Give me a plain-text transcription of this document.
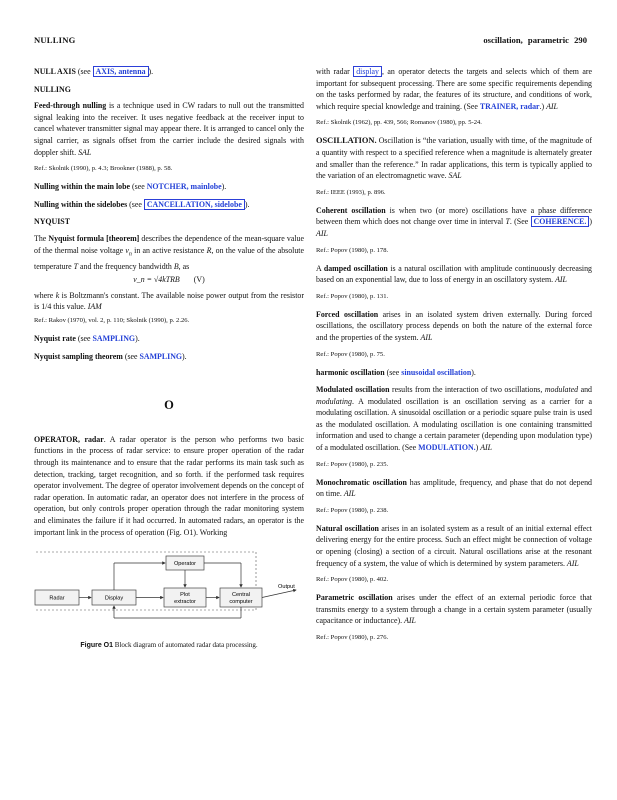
NULLING	oscillation, parametric 290

NULL AXIS (see AXIS, antenna ).

NULLING

Feed-through nulling is a technique used in CW radars to null out the transmitted signal leaking into the receiver. It uses negative feedback at the receiver input to cancel whatever transmitter signal may appear there. It is arranged to cancel only the signal carrier, as signals offset from the carrier include the desired signals with doppler shift. SAL

Ref.: Skolnik (1990), p. 4.3; Brookner (1988), p. 58.

Nulling within the main lobe (see NOTCHER, mainlobe).

Nulling within the sidelobes (see CANCELLATION, sidelobe ).

NYQUIST

The Nyquist formula [theorem] describes the dependence of the mean-square value of the thermal noise voltage $v_n$ in an active resistance R, on the value of the absolute temperature T and the frequency bandwidth B, as

v_n = √4kTRB (V)

where k is Boltzmann's constant. The available noise power output from the resistor is 1/4 this value. IAM

Ref.: Rakov (1970), vol. 2, p. 110; Skolnik (1990), p. 2.26.

Nyquist rate (see SAMPLING).

Nyquist sampling theorem (see SAMPLING).

O

OPERATOR, radar. A radar operator is the person who performs two basic functions in the process of radar service: to ensure proper operation of the radar through its maintenance and to ensure that the radar performs its main task such as detection, tracking, target recognition, and so forth. if the performed task requires operator involvement. The degree of operator involvement depends on the concept of radar operation. In automatic radar, an operator does not interfere in the process of operation, but only controls proper operation through the radar monitoring system and eliminates the failure if it had occurred. In automated radars, an operator is the important link in the process of operation (Fig. O1). Working

Operator
Radar	Display
Plot
extractor
Central
computer
Output
Figure O1 Block diagram of automated radar data processing.

with radar display , an operator detects the targets and selects which of them are important for subsequent processing. There are some specific requirements depending on the tasks performed by radar, the features of its structure, and conditions of work, which require special knowledge and training. (See TRAINER, radar.) AIL

Ref.: Skolnik (1962), pp. 439, 566; Romanov (1980), pp. 5-24.

OSCILLATION. Oscillation is “the variation, usually with time, of the magnitude of a quantity with respect to a specified reference when a magnitude is alternately greater and smaller than the reference.” In radar applications, this term is typically applied to the variation of an electromagnetic wave. SAL

Ref.: IEEE (1993), p. 896.

Coherent oscillation is when two (or more) oscillations have a phase difference between them which does not change over time in interval T. (See COHERENCE. ) AIL

Ref.: Popov (1980), p. 178.

A damped oscillation is a natural oscillation with amplitude continuously decreasing based on an exponential law, due to loss of energy in an oscillatory system. AIL

Ref.: Popov (1980), p. 131.

Forced oscillation arises in an isolated system driven externally. During forced oscillations, the oscillatory process depends on both the nature of the external force and the properties of the system. AIL

Ref.: Popov (1980), p. 75.

harmonic oscillation (see sinusoidal oscillation).

Modulated oscillation results from the interaction of two oscillations, modulated and modulating. A modulated oscillation is an oscillation serving as a carrier for a modulating oscillation. A sinusoidal oscillation or a periodic square pulse train is used as the modulated oscillation. A modulating oscillation is one containing transmitted information and used to change a certain parameter (depending upon modulation type) of a modulated oscillation. (See MODULATION.) AIL

Ref.: Popov (1980), p. 235.

Monochromatic oscillation has amplitude, frequency, and phase that do not depend on time. AIL

Ref.: Popov (1980), p. 238.

Natural oscillation arises in an isolated system as a result of an initial external effect delivering energy for the entire process. Such an effect might be connection of voltage or opening (closing) a section of a circuit. Natural oscillations arise at the resonant frequency of a system, the value of which is determined by system parameters. AIL

Ref.: Popov (1980), p. 402.

Parametric oscillation arises under the effect of an external periodic force that transmits energy to a system through a change in a certain system parameter (usually capacitance or inductance). AIL

Ref.: Popov (1980), p. 276.
